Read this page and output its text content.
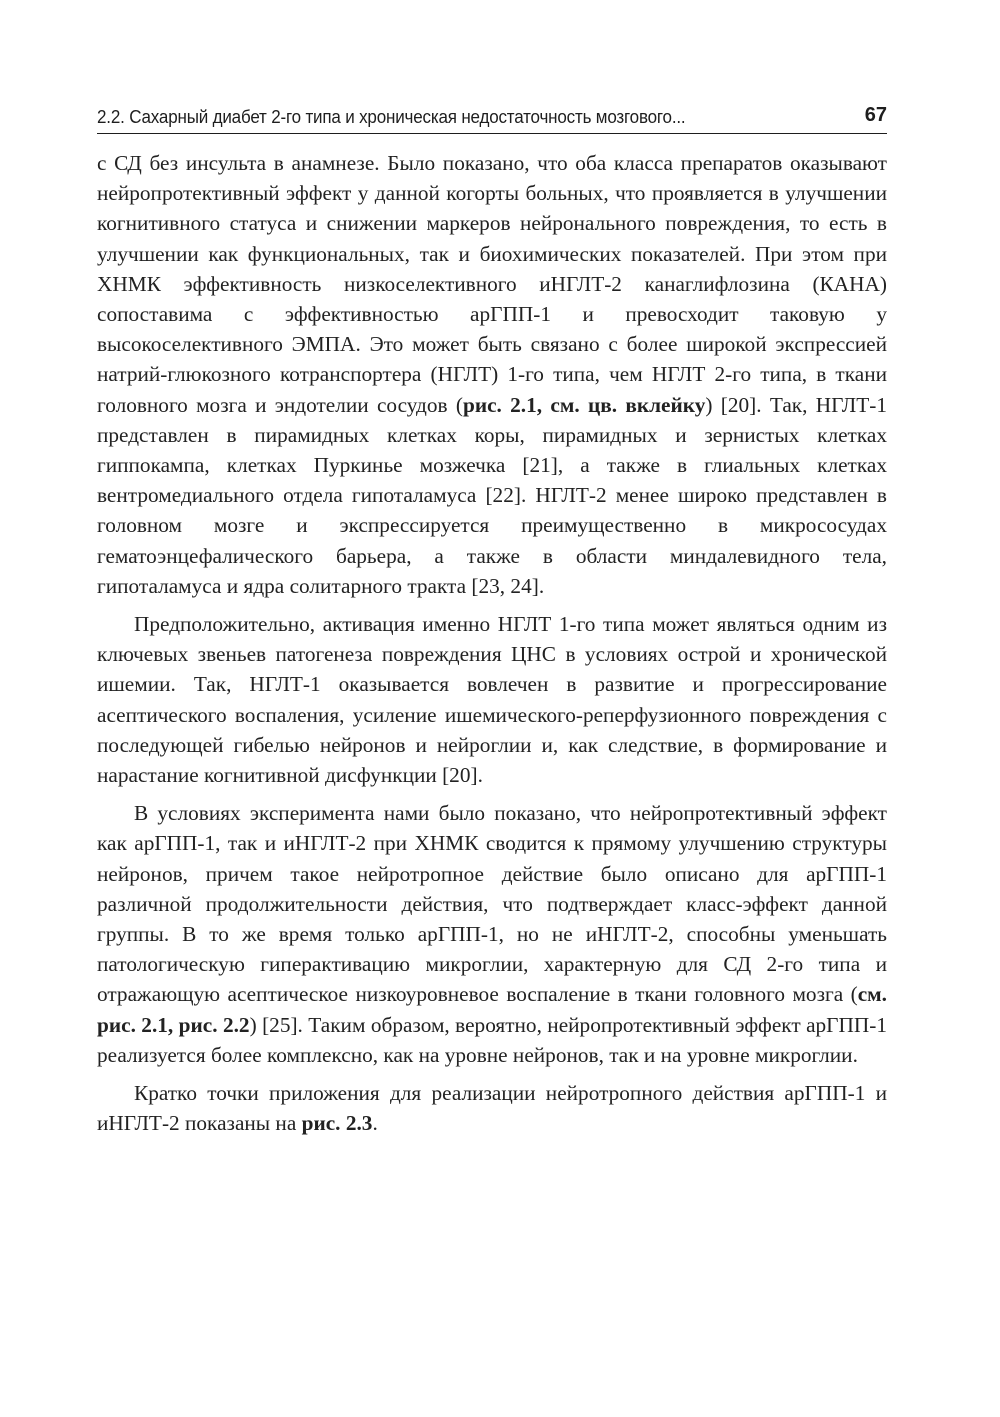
2.2. Сахарный диабет 2-го типа и хроническая недостаточность мозгового...	67

с СД без инсульта в анамнезе. Было показано, что оба класса препаратов оказывают нейропротективный эффект у данной когорты больных, что проявляется в улучшении когнитивного статуса и снижении маркеров нейронального повреждения, то есть в улучшении как функциональных, так и биохимических показателей. При этом при ХНМК эффективность низкоселективного иНГЛТ-2 канаглифлозина (КАНА) сопоставима с эффективностью арГПП-1 и превосходит таковую у высокоселективного ЭМПА. Это может быть связано с более широкой экспрессией натрий-глюкозного котранспортера (НГЛТ) 1-го типа, чем НГЛТ 2-го типа, в ткани головного мозга и эндотелии сосудов (рис. 2.1, см. цв. вклейку) [20]. Так, НГЛТ-1 представлен в пирамидных клетках коры, пирамидных и зернистых клетках гиппокампа, клетках Пуркинье мозжечка [21], а также в глиальных клетках вентромедиального отдела гипоталамуса [22]. НГЛТ-2 менее широко представлен в головном мозге и экспрессируется преимущественно в микрососудах гематоэнцефалического барьера, а также в области миндалевидного тела, гипоталамуса и ядра солитарного тракта [23, 24].

Предположительно, активация именно НГЛТ 1-го типа может являться одним из ключевых звеньев патогенеза повреждения ЦНС в условиях острой и хронической ишемии. Так, НГЛТ-1 оказывается вовлечен в развитие и прогрессирование асептического воспаления, усиление ишемического-реперфузионного повреждения с последующей гибелью нейронов и нейроглии и, как следствие, в формирование и нарастание когнитивной дисфункции [20].

В условиях эксперимента нами было показано, что нейропротективный эффект как арГПП-1, так и иНГЛТ-2 при ХНМК сводится к прямому улучшению структуры нейронов, причем такое нейротропное действие было описано для арГПП-1 различной продолжительности действия, что подтверждает класс-эффект данной группы. В то же время только арГПП-1, но не иНГЛТ-2, способны уменьшать патологическую гиперактивацию микроглии, характерную для СД 2-го типа и отражающую асептическое низкоуровневое воспаление в ткани головного мозга (см. рис. 2.1, рис. 2.2) [25]. Таким образом, вероятно, нейропротективный эффект арГПП-1 реализуется более комплексно, как на уровне нейронов, так и на уровне микроглии.

Кратко точки приложения для реализации нейротропного действия арГПП-1 и иНГЛТ-2 показаны на рис. 2.3.
